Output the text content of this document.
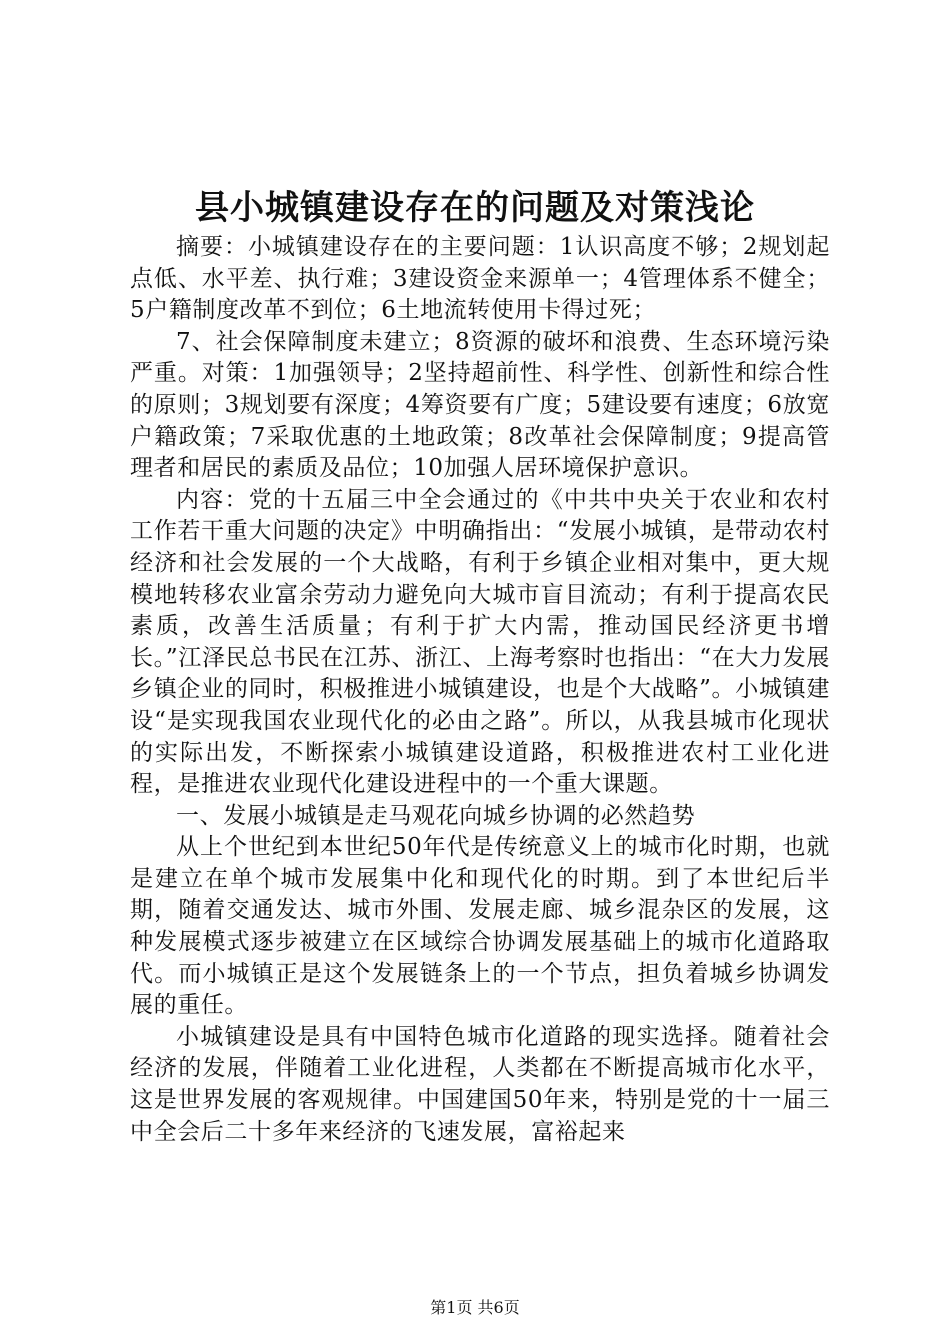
县小城镇建设存在的问题及对策浅论

摘要：小城镇建设存在的主要问题：1认识高度不够；2规划起点低、水平差、执行难；3建设资金来源单一；4管理体系不健全；5户籍制度改革不到位；6土地流转使用卡得过死；

7、社会保障制度未建立；8资源的破坏和浪费、生态环境污染严重。对策：1加强领导；2坚持超前性、科学性、创新性和综合性的原则；3规划要有深度；4筹资要有广度；5建设要有速度；6放宽户籍政策；7采取优惠的土地政策；8改革社会保障制度；9提高管理者和居民的素质及品位；10加强人居环境保护意识。

内容：党的十五届三中全会通过的《中共中央关于农业和农村工作若干重大问题的决定》中明确指出：“发展小城镇，是带动农村经济和社会发展的一个大战略，有利于乡镇企业相对集中，更大规模地转移农业富余劳动力避免向大城市盲目流动；有利于提高农民素质，改善生活质量；有利于扩大内需，推动国民经济更书增长。”江泽民总书民在江苏、浙江、上海考察时也指出：“在大力发展乡镇企业的同时，积极推进小城镇建设，也是个大战略”。小城镇建设“是实现我国农业现代化的必由之路”。所以，从我县城市化现状的实际出发，不断探索小城镇建设道路，积极推进农村工业化进程，是推进农业现代化建设进程中的一个重大课题。

一、发展小城镇是走马观花向城乡协调的必然趋势

从上个世纪到本世纪50年代是传统意义上的城市化时期，也就是建立在单个城市发展集中化和现代化的时期。到了本世纪后半期，随着交通发达、城市外围、发展走廊、城乡混杂区的发展，这种发展模式逐步被建立在区域综合协调发展基础上的城市化道路取代。而小城镇正是这个发展链条上的一个节点，担负着城乡协调发展的重任。

小城镇建设是具有中国特色城市化道路的现实选择。随着社会经济的发展，伴随着工业化进程，人类都在不断提高城市化水平，这是世界发展的客观规律。中国建国50年来，特别是党的十一届三中全会后二十多年来经济的飞速发展，富裕起来

第1页 共6页
